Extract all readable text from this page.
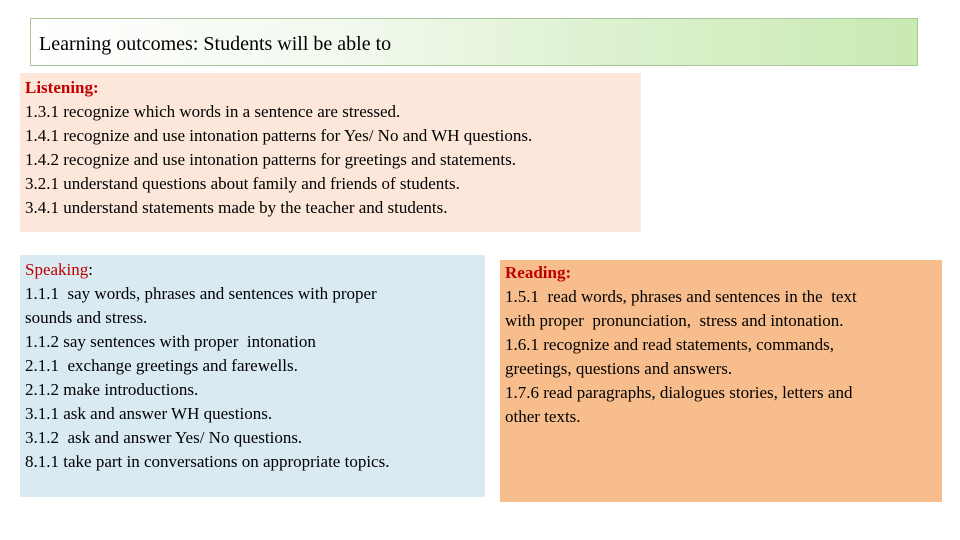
Learning outcomes: Students will be able to
Listening:
1.3.1 recognize which words in a sentence are stressed.
1.4.1 recognize and use intonation patterns for Yes/ No and WH questions.
1.4.2 recognize and use intonation patterns for greetings and statements.
3.2.1 understand questions about family and friends of students.
3.4.1 understand statements made by the teacher and students.
Speaking:
1.1.1  say words, phrases and sentences with proper
sounds and stress.
1.1.2 say sentences with proper  intonation
2.1.1  exchange greetings and farewells.
2.1.2 make introductions.
3.1.1 ask and answer WH questions.
3.1.2  ask and answer Yes/ No questions.
8.1.1 take part in conversations on appropriate topics.
Reading:
1.5.1  read words, phrases and sentences in the  text
with proper  pronunciation,  stress and intonation.
1.6.1 recognize and read statements, commands,
greetings, questions and answers.
1.7.6 read paragraphs, dialogues stories, letters and
other texts.
